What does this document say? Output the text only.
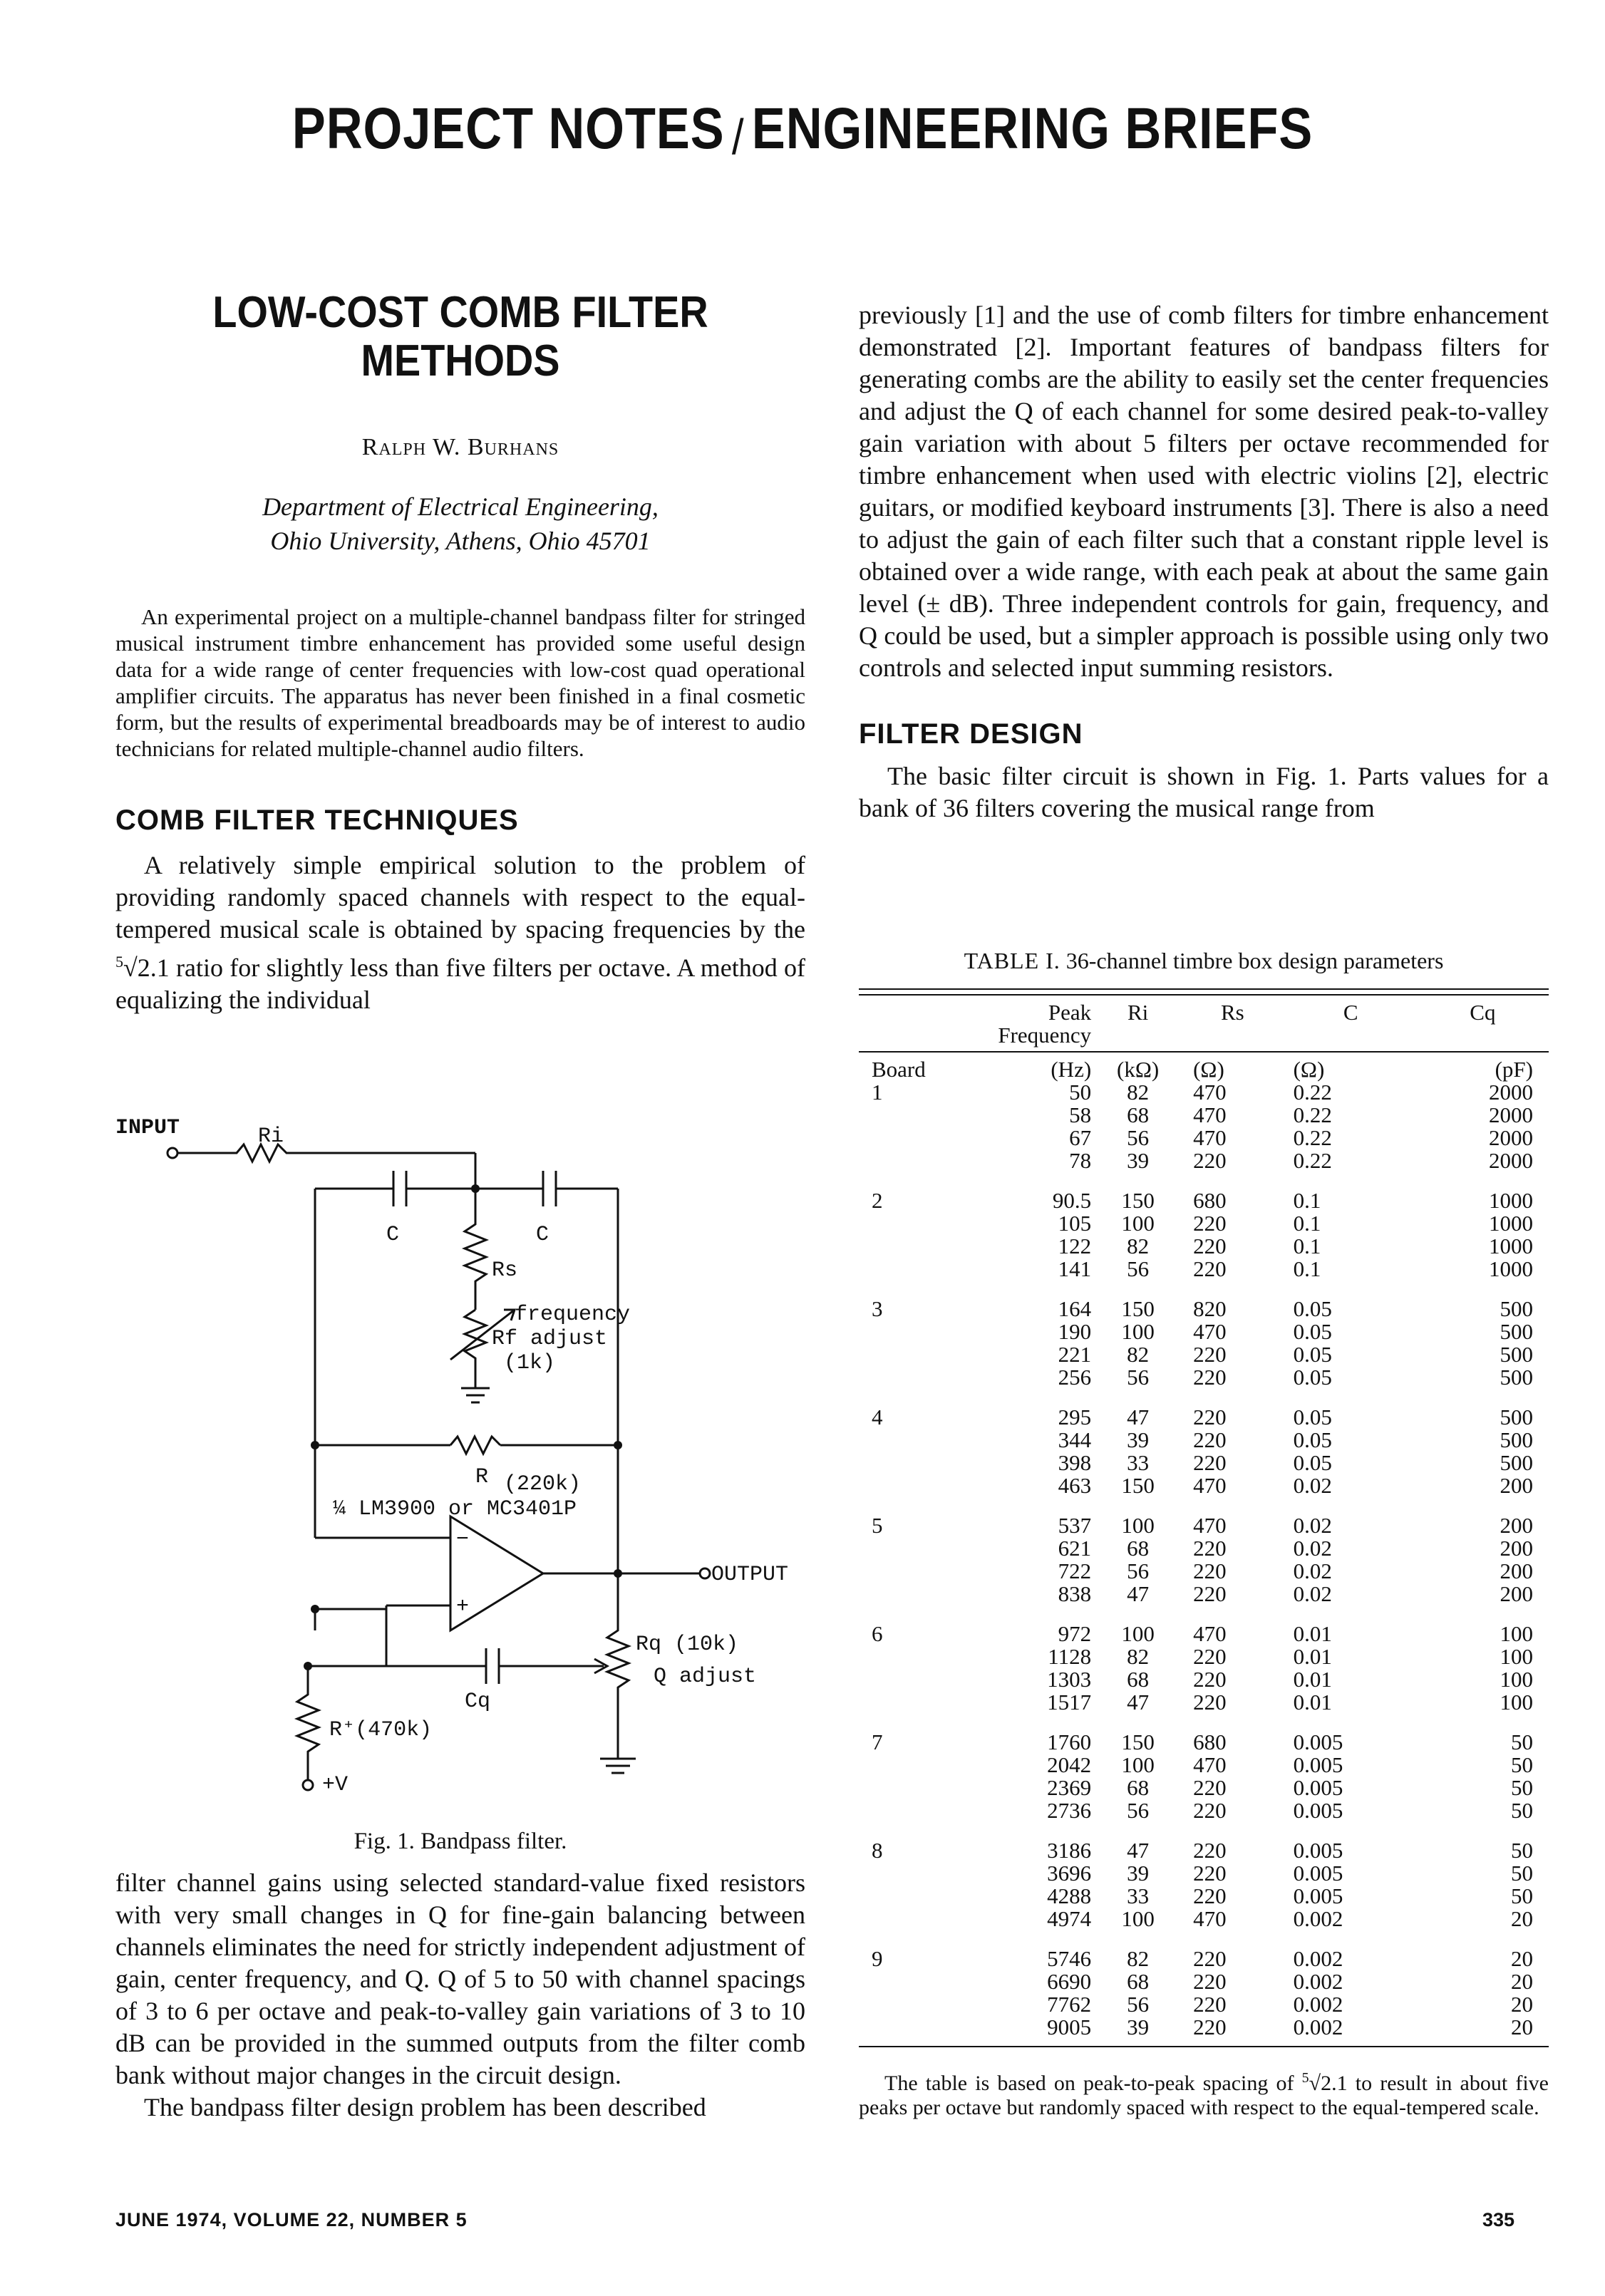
PROJECT NOTES / ENGINEERING BRIEFS
LOW-COST COMB FILTER
METHODS
Ralph W. Burhans
Department of Electrical Engineering,
Ohio University, Athens, Ohio 45701

An experimental project on a multiple-channel bandpass filter for stringed musical instrument timbre enhancement has provided some useful design data for a wide range of center frequencies with low-cost quad operational amplifier circuits. The apparatus has never been finished in a final cosmetic form, but the results of experimental breadboards may be of interest to audio technicians for related multiple-channel audio filters.

COMB FILTER TECHNIQUES

A relatively simple empirical solution to the problem of providing randomly spaced channels with respect to the equal-tempered musical scale is obtained by spacing frequencies by the $^5$√2.1 ratio for slightly less than five filters per octave. A method of equalizing the individual

INPUT	Ri
C	C
Rs
frequency
Rf adjust
(1k)
R (220k)
¼ LM3900 or MC3401P
−
+
OUTPUT
Rq (10k)
Q adjust
Cq
R⁺(470k)
+V
Fig. 1. Bandpass filter.

filter channel gains using selected standard-value fixed resistors with very small changes in Q for fine-gain balancing between channels eliminates the need for strictly independent adjustment of gain, center frequency, and Q. Q of 5 to 50 with channel spacings of 3 to 6 per octave and peak-to-valley gain variations of 3 to 10 dB can be provided in the summed outputs from the filter comb bank without major changes in the circuit design.

The bandpass filter design problem has been described

previously [1] and the use of comb filters for timbre enhancement demonstrated [2]. Important features of bandpass filters for generating combs are the ability to easily set the center frequencies and adjust the Q of each channel for some desired peak-to-valley gain variation with about 5 filters per octave recommended for timbre enhancement when used with electric violins [2], electric guitars, or modified keyboard instruments [3]. There is also a need to adjust the gain of each filter such that a constant ripple level is obtained over a wide range, with each peak at about the same gain level (± dB). Three independent controls for gain, frequency, and Q could be used, but a simpler approach is possible using only two controls and selected input summing resistors.

FILTER DESIGN

The basic filter circuit is shown in Fig. 1. Parts values for a bank of 36 filters covering the musical range from

TABLE I. 36-channel timbre box design parameters
	Peak Frequency	Ri	Rs	C	Cq
Board	(Hz)	(kΩ)	(Ω)	(Ω)	(pF)
1	50	82	470	0.22	2000
	58	68	470	0.22	2000
	67	56	470	0.22	2000
	78	39	220	0.22	2000
2	90.5	150	680	0.1	1000
	105	100	220	0.1	1000
	122	82	220	0.1	1000
	141	56	220	0.1	1000
3	164	150	820	0.05	500
	190	100	470	0.05	500
	221	82	220	0.05	500
	256	56	220	0.05	500
4	295	47	220	0.05	500
	344	39	220	0.05	500
	398	33	220	0.05	500
	463	150	470	0.02	200
5	537	100	470	0.02	200
	621	68	220	0.02	200
	722	56	220	0.02	200
	838	47	220	0.02	200
6	972	100	470	0.01	100
	1128	82	220	0.01	100
	1303	68	220	0.01	100
	1517	47	220	0.01	100
7	1760	150	680	0.005	50
	2042	100	470	0.005	50
	2369	68	220	0.005	50
	2736	56	220	0.005	50
8	3186	47	220	0.005	50
	3696	39	220	0.005	50
	4288	33	220	0.005	50
	4974	100	470	0.002	20
9	5746	82	220	0.002	20
	6690	68	220	0.002	20
	7762	56	220	0.002	20
	9005	39	220	0.002	20

The table is based on peak-to-peak spacing of $^5$√2.1 to result in about five peaks per octave but randomly spaced with respect to the equal-tempered scale.

JUNE 1974, VOLUME 22, NUMBER 5	335
